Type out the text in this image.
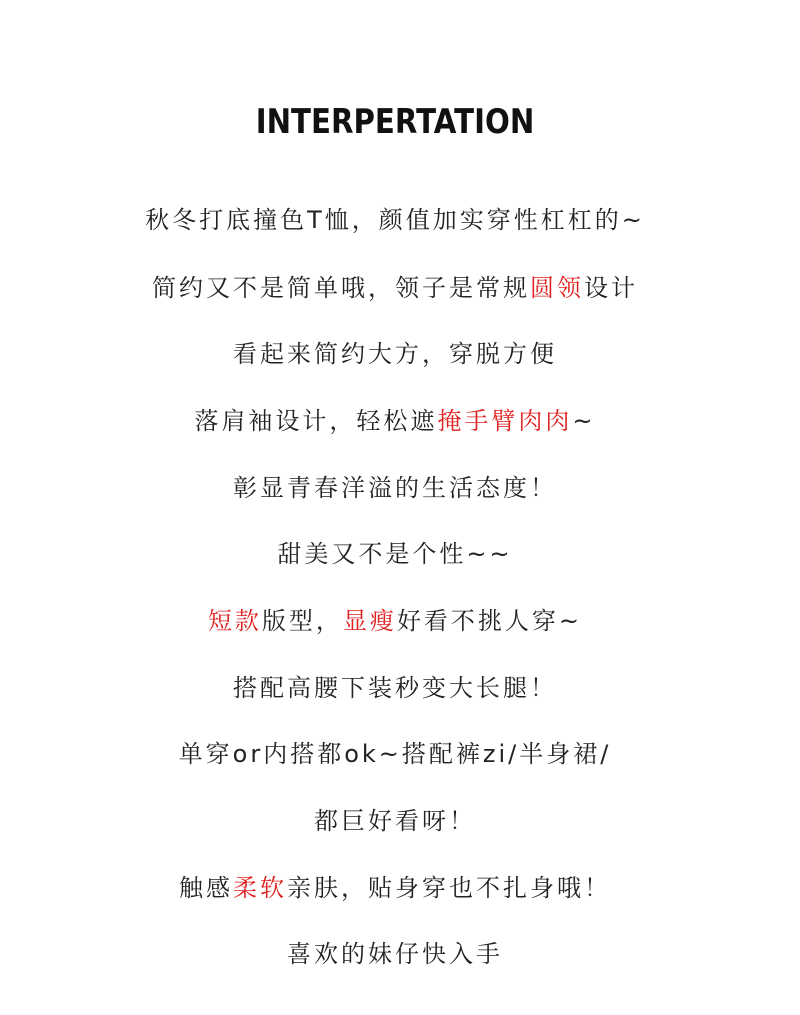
INTERPERTATION
秋冬打底撞色T恤，颜值加实穿性杠杠的~
简约又不是简单哦，领子是常规圆领设计
看起来简约大方，穿脱方便
落肩袖设计，轻松遮掩手臂肉肉~
彰显青春洋溢的生活态度！
甜美又不是个性~~
短款版型，显瘦好看不挑人穿~
搭配高腰下装秒变大长腿！
单穿or内搭都ok~搭配裤zi/半身裙/
都巨好看呀！
触感柔软亲肤，贴身穿也不扎身哦！
喜欢的妹仔快入手
